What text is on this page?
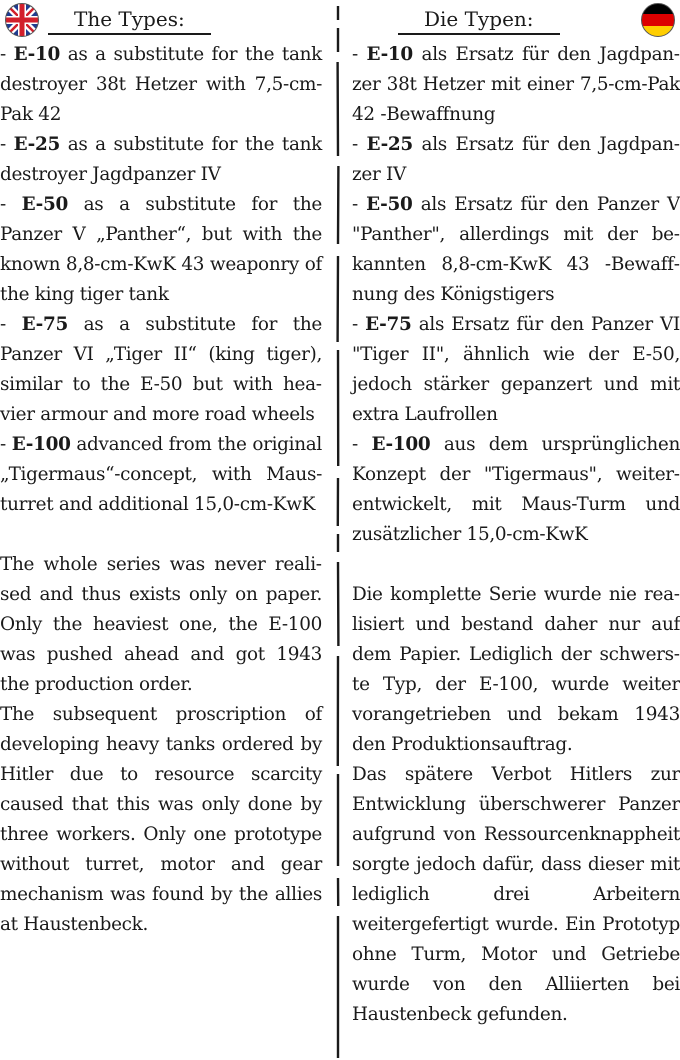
The Types:

- E-10 as a substitute for the tank destroyer 38t Hetzer with 7,5-cm-Pak 42

- E-25 as a substitute for the tank destroyer Jagdpanzer IV

- E-50 as a substitute for the Panzer V „Panther“, but with the known 8,8-cm-KwK 43 weaponry of the king tiger tank

- E-75 as a substitute for the Panzer VI „Tiger II“ (king tiger), similar to the E-50 but with heavier armour and more road wheels

- E-100 advanced from the original „Tigermaus“-concept, with Maus-turret and additional 15,0-cm-KwK

The whole series was never realised and thus exists only on paper. Only the heaviest one, the E-100 was pushed ahead and got 1943 the production order.

The subsequent proscription of developing heavy tanks ordered by Hitler due to resource scarcity caused that this was only done by three workers. Only one prototype without turret, motor and gear mechanism was found by the allies at Haustenbeck.

Die Typen:

- E-10 als Ersatz für den Jagdpanzer 38t Hetzer mit einer 7,5-cm-Pak 42 -Bewaffnung

- E-25 als Ersatz für den Jagdpanzer IV

- E-50 als Ersatz für den Panzer V "Panther", allerdings mit der bekannten 8,8-cm-KwK 43 -Bewaffnung des Königstigers

- E-75 als Ersatz für den Panzer VI "Tiger II", ähnlich wie der E-50, jedoch stärker gepanzert und mit extra Laufrollen

- E-100 aus dem ursprünglichen Konzept der "Tigermaus", weiterentwickelt, mit Maus-Turm und zusätzlicher 15,0-cm-KwK

Die komplette Serie wurde nie realisiert und bestand daher nur auf dem Papier. Lediglich der schwerste Typ, der E-100, wurde weiter vorangetrieben und bekam 1943 den Produktionsauftrag.

Das spätere Verbot Hitlers zur Entwicklung überschwerer Panzer aufgrund von Ressourcenknappheit sorgte jedoch dafür, dass dieser mit lediglich drei Arbeitern weitergefertigt wurde. Ein Prototyp ohne Turm, Motor und Getriebe wurde von den Alliierten bei Haustenbeck gefunden.
